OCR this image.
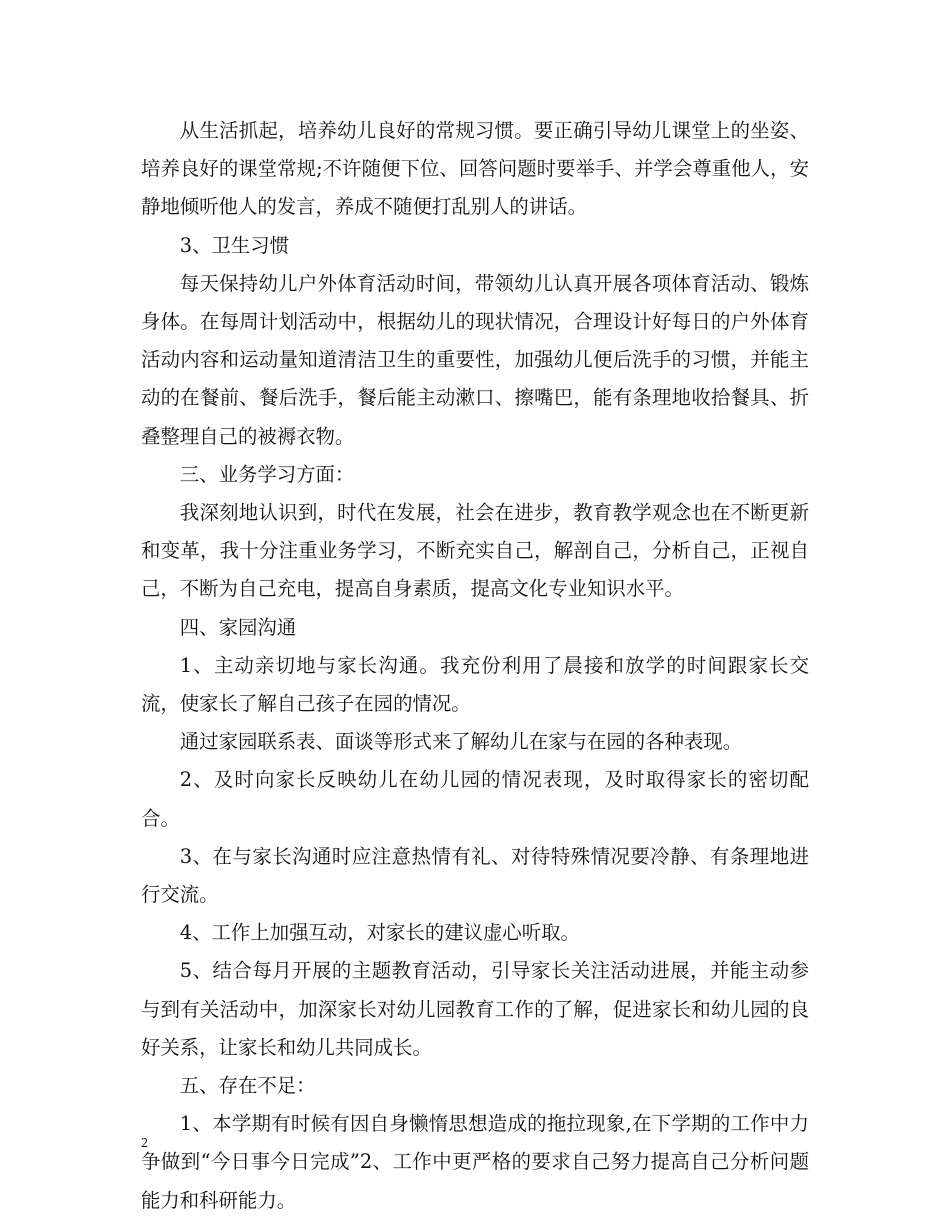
从生活抓起，培养幼儿良好的常规习惯。要正确引导幼儿课堂上的坐姿、培养良好的课堂常规;不许随便下位、回答问题时要举手、并学会尊重他人，安静地倾听他人的发言，养成不随便打乱别人的讲话。

3、卫生习惯

每天保持幼儿户外体育活动时间，带领幼儿认真开展各项体育活动、锻炼身体。在每周计划活动中，根据幼儿的现状情况，合理设计好每日的户外体育活动内容和运动量知道清洁卫生的重要性，加强幼儿便后洗手的习惯，并能主动的在餐前、餐后洗手，餐后能主动漱口、擦嘴巴，能有条理地收拾餐具、折叠整理自己的被褥衣物。

三、业务学习方面：

我深刻地认识到，时代在发展，社会在进步，教育教学观念也在不断更新和变革，我十分注重业务学习，不断充实自己，解剖自己，分析自己，正视自己，不断为自己充电，提高自身素质，提高文化专业知识水平。

四、家园沟通

1、主动亲切地与家长沟通。我充份利用了晨接和放学的时间跟家长交流，使家长了解自己孩子在园的情况。

通过家园联系表、面谈等形式来了解幼儿在家与在园的各种表现。

2、及时向家长反映幼儿在幼儿园的情况表现，及时取得家长的密切配合。

3、在与家长沟通时应注意热情有礼、对待特殊情况要冷静、有条理地进行交流。

4、工作上加强互动，对家长的建议虚心听取。

5、结合每月开展的主题教育活动，引导家长关注活动进展，并能主动参与到有关活动中，加深家长对幼儿园教育工作的了解，促进家长和幼儿园的良好关系，让家长和幼儿共同成长。

五、存在不足：

1、本学期有时候有因自身懒惰思想造成的拖拉现象,在下学期的工作中力争做到“今日事今日完成”2、工作中更严格的要求自己努力提高自己分析问题能力和科研能力。

2
